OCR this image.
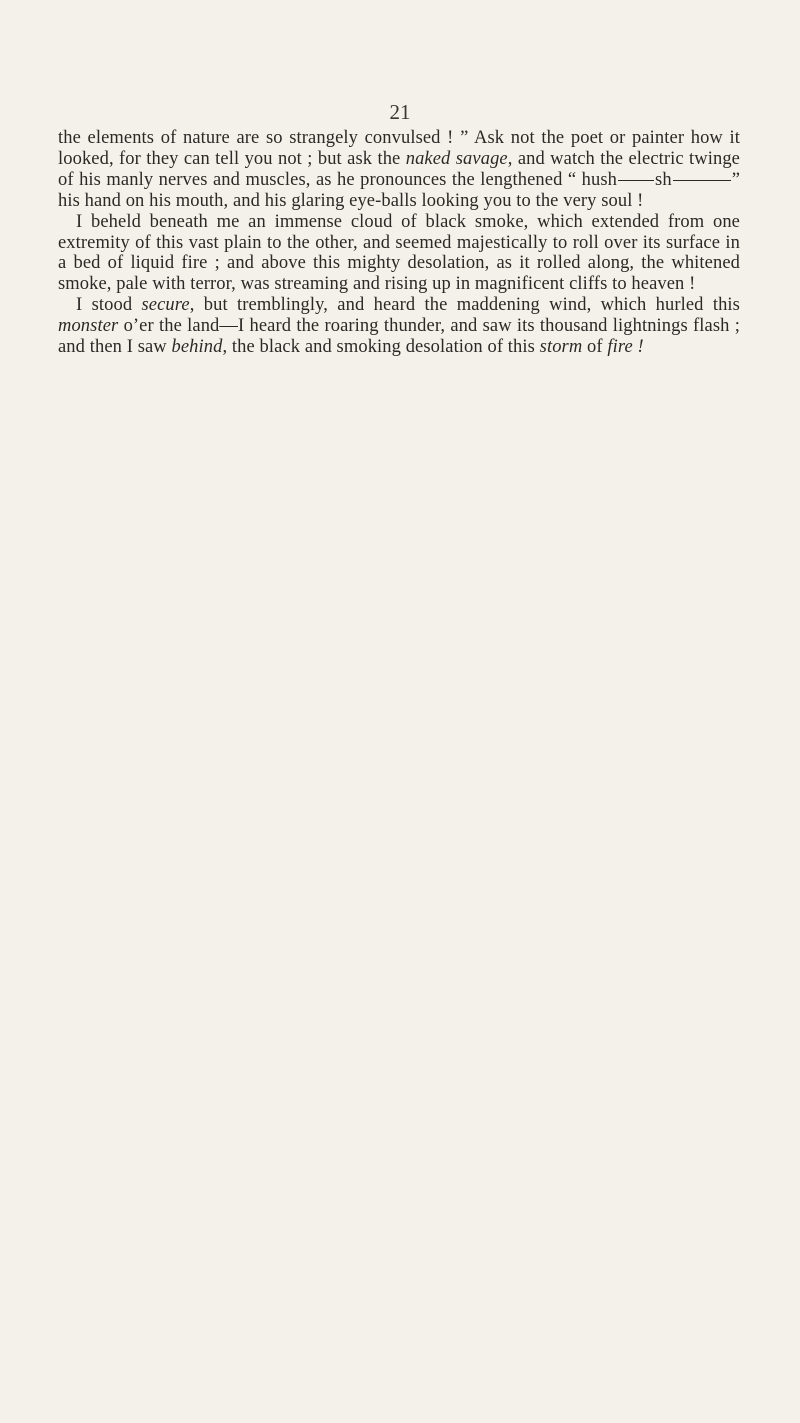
21

the elements of nature are so strangely convulsed ! ” Ask not the poet or painter how it looked, for they can tell you not ; but ask the naked savage, and watch the electric twinge of his manly nerves and muscles, as he pronounces the lengthened “ hush sh	” his hand on his mouth, and his glaring eye-balls looking you to the very soul !

I beheld beneath me an immense cloud of black smoke, which extended from one extremity of this vast plain to the other, and seemed majestically to roll over its surface in a bed of liquid fire ; and above this mighty desolation, as it rolled along, the whitened smoke, pale with terror, was streaming and rising up in magnificent cliffs to heaven !

I stood secure, but tremblingly, and heard the maddening wind, which hurled this monster o’er the land—I heard the roaring thunder, and saw its thousand lightnings flash ; and then I saw behind, the black and smoking desolation of this storm of fire !
